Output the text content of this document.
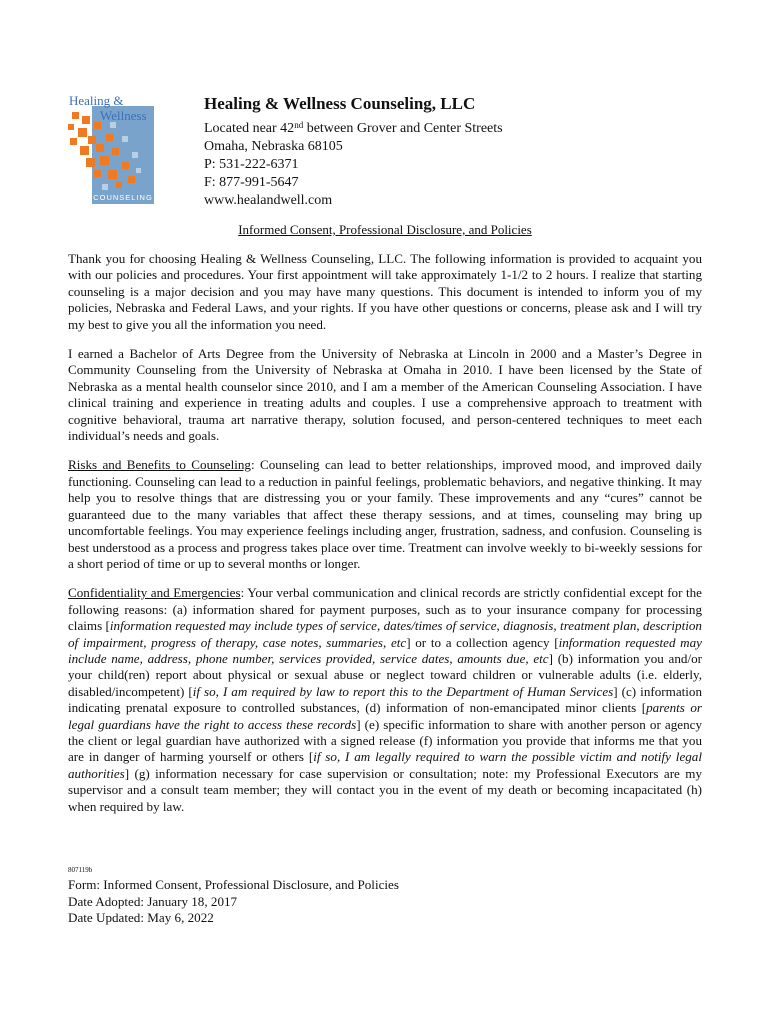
Healing &
Wellness
COUNSELING
Healing & Wellness Counseling, LLC
Located near 42nd between Grover and Center Streets
Omaha, Nebraska 68105
P: 531-222-6371
F: 877-991-5647
www.healandwell.com
Informed Consent, Professional Disclosure, and Policies

Thank you for choosing Healing & Wellness Counseling, LLC. The following information is provided to acquaint you with our policies and procedures. Your first appointment will take approximately 1-1/2 to 2 hours. I realize that starting counseling is a major decision and you may have many questions. This document is intended to inform you of my policies, Nebraska and Federal Laws, and your rights. If you have other questions or concerns, please ask and I will try my best to give you all the information you need.

I earned a Bachelor of Arts Degree from the University of Nebraska at Lincoln in 2000 and a Master’s Degree in Community Counseling from the University of Nebraska at Omaha in 2010. I have been licensed by the State of Nebraska as a mental health counselor since 2010, and I am a member of the American Counseling Association. I have clinical training and experience in treating adults and couples. I use a comprehensive approach to treatment with cognitive behavioral, trauma art narrative therapy, solution focused, and person-centered techniques to meet each individual’s needs and goals.

Risks and Benefits to Counseling: Counseling can lead to better relationships, improved mood, and improved daily functioning. Counseling can lead to a reduction in painful feelings, problematic behaviors, and negative thinking. It may help you to resolve things that are distressing you or your family. These improvements and any “cures” cannot be guaranteed due to the many variables that affect these therapy sessions, and at times, counseling may bring up uncomfortable feelings. You may experience feelings including anger, frustration, sadness, and confusion. Counseling is best understood as a process and progress takes place over time. Treatment can involve weekly to bi-weekly sessions for a short period of time or up to several months or longer.

Confidentiality and Emergencies: Your verbal communication and clinical records are strictly confidential except for the following reasons: (a) information shared for payment purposes, such as to your insurance company for processing claims [information requested may include types of service, dates/times of service, diagnosis, treatment plan, description of impairment, progress of therapy, case notes, summaries, etc] or to a collection agency [information requested may include name, address, phone number, services provided, service dates, amounts due, etc] (b) information you and/or your child(ren) report about physical or sexual abuse or neglect toward children or vulnerable adults (i.e. elderly, disabled/incompetent) [if so, I am required by law to report this to the Department of Human Services] (c) information indicating prenatal exposure to controlled substances, (d) information of non-emancipated minor clients [parents or legal guardians have the right to access these records] (e) specific information to share with another person or agency the client or legal guardian have authorized with a signed release (f) information you provide that informs me that you are in danger of harming yourself or others [if so, I am legally required to warn the possible victim and notify legal authorities] (g) information necessary for case supervision or consultation; note: my Professional Executors are my supervisor and a consult team member; they will contact you in the event of my death or becoming incapacitated (h) when required by law.

807119b
Form: Informed Consent, Professional Disclosure, and Policies
Date Adopted: January 18, 2017
Date Updated: May 6, 2022
